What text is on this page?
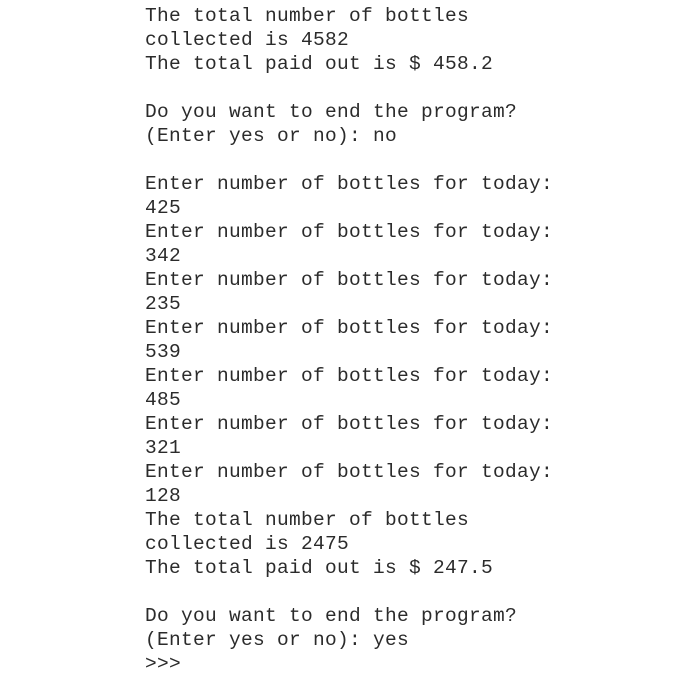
The total number of bottles
collected is 4582
The total paid out is $ 458.2
Do you want to end the program?
(Enter yes or no): no
Enter number of bottles for today:
425
Enter number of bottles for today:
342
Enter number of bottles for today:
235
Enter number of bottles for today:
539
Enter number of bottles for today:
485
Enter number of bottles for today:
321
Enter number of bottles for today:
128
The total number of bottles
collected is 2475
The total paid out is $ 247.5
Do you want to end the program?
(Enter yes or no): yes
>>>
